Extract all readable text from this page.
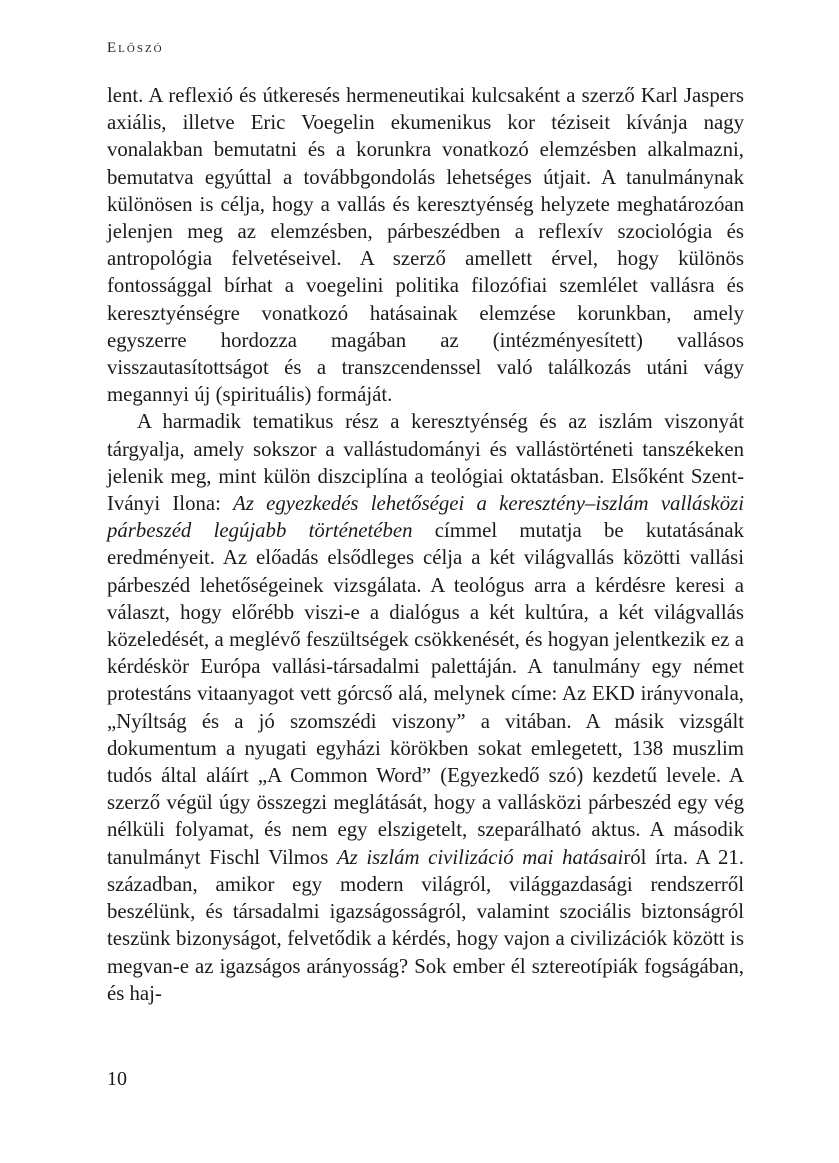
Előszó

lent. A reflexió és útkeresés hermeneutikai kulcsaként a szerző Karl Jaspers axiális, illetve Eric Voegelin ekumenikus kor téziseit kívánja nagy vonalakban bemutatni és a korunkra vonatkozó elemzésben alkalmazni, bemutatva egyúttal a továbbgondolás lehetséges útjait. A tanulmánynak különösen is célja, hogy a vallás és keresztyénség helyzete meghatározóan jelenjen meg az elemzésben, párbeszédben a reflexív szociológia és antropológia felvetéseivel. A szerző amellett érvel, hogy különös fontossággal bírhat a voegelini politika filozófiai szemlélet vallásra és keresztyénségre vonatkozó hatásainak elemzése korunkban, amely egyszerre hordozza magában az (intézményesített) vallásos visszautasítottságot és a transzcendenssel való találkozás utáni vágy megannyi új (spirituális) formáját.

A harmadik tematikus rész a keresztyénség és az iszlám viszonyát tárgyalja, amely sokszor a vallástudományi és vallástörténeti tanszékeken jelenik meg, mint külön diszciplína a teológiai oktatásban. Elsőként Szent-Iványi Ilona: Az egyezkedés lehetőségei a keresztény–iszlám vallásközi párbeszéd legújabb történetében címmel mutatja be kutatásának eredményeit. Az előadás elsődleges célja a két világvallás közötti vallási párbeszéd lehetőségeinek vizsgálata. A teológus arra a kérdésre keresi a választ, hogy előrébb viszi-e a dialógus a két kultúra, a két világvallás közeledését, a meglévő feszültségek csökkenését, és hogyan jelentkezik ez a kérdéskör Európa vallási-társadalmi palettáján. A tanulmány egy német protestáns vitaanyagot vett górcső alá, melynek címe: Az EKD irányvonala, „Nyíltság és a jó szomszédi viszony” a vitában. A másik vizsgált dokumentum a nyugati egyházi körökben sokat emlegetett, 138 muszlim tudós által aláírt „A Common Word” (Egyezkedő szó) kezdetű levele. A szerző végül úgy összegzi meglátását, hogy a vallásközi párbeszéd egy vég nélküli folyamat, és nem egy elszigetelt, szeparálható aktus. A második tanulmányt Fischl Vilmos Az iszlám civilizáció mai hatásairól írta. A 21. században, amikor egy modern világról, világgazdasági rendszerről beszélünk, és társadalmi igazságosságról, valamint szociális biztonságról teszünk bizonyságot, felvetődik a kérdés, hogy vajon a civilizációk között is megvan-e az igazságos arányosság? Sok ember él sztereotípiák fogságában, és haj-

10
